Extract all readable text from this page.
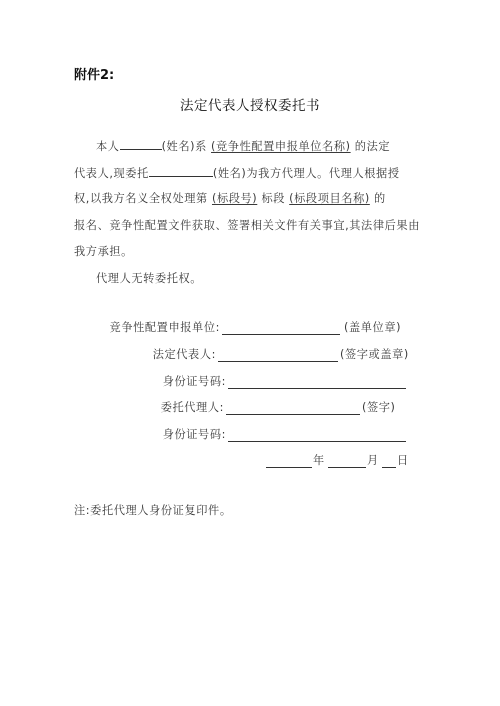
附件2:
法定代表人授权委托书
本人	(姓名)系 (竞争性配置申报单位名称) 的法定
代表人,现委托	(姓名)为我方代理人。代理人根据授
权,以我方名义全权处理第 (标段号) 标段 (标段项目名称) 的
报名、竞争性配置文件获取、签署相关文件有关事宜,其法律后果由
我方承担。
代理人无转委托权。
竞争性配置申报单位:	(盖单位章)
法定代表人:	(签字或盖章)
身份证号码:
委托代理人:	(签字)
身份证号码:
年	月 日
注:委托代理人身份证复印件。
